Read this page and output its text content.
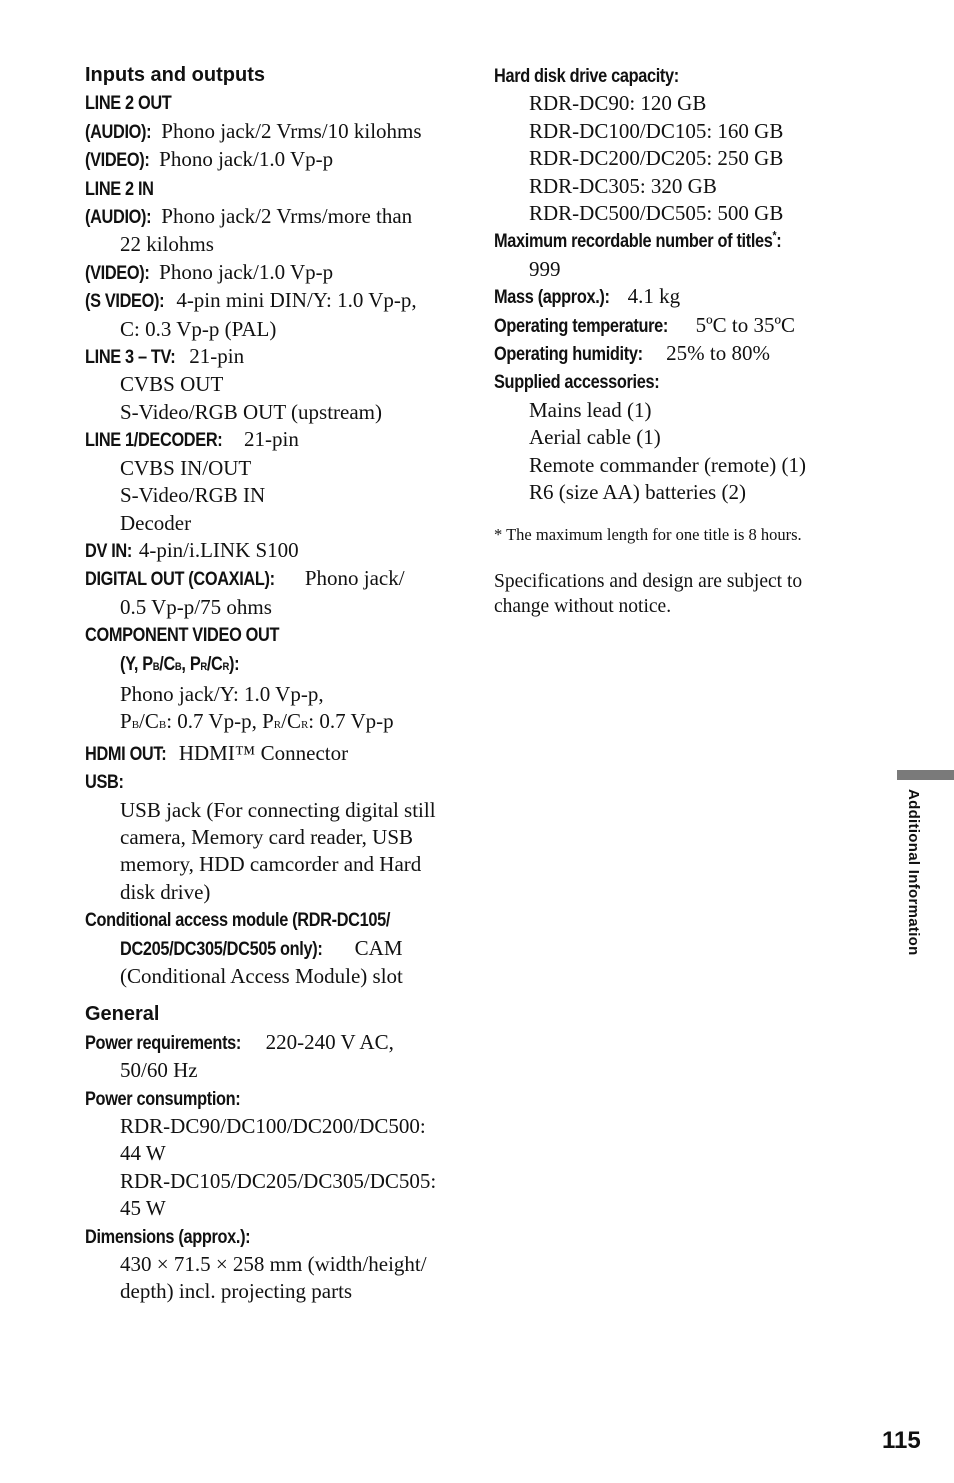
Inputs and outputs
LINE 2 OUT
(AUDIO): Phono jack/2 Vrms/10 kilohms
(VIDEO): Phono jack/1.0 Vp-p
LINE 2 IN
(AUDIO): Phono jack/2 Vrms/more than
22 kilohms
(VIDEO): Phono jack/1.0 Vp-p
(S VIDEO): 4-pin mini DIN/Y: 1.0 Vp-p,
C: 0.3 Vp-p (PAL)
LINE 3 – TV: 21-pin
CVBS OUT
S-Video/RGB OUT (upstream)
LINE 1/DECODER: 21-pin
CVBS IN/OUT
S-Video/RGB IN
Decoder
DV IN: 4-pin/i.LINK S100
DIGITAL OUT (COAXIAL): Phono jack/
0.5 Vp-p/75 ohms
COMPONENT VIDEO OUT
(Y, PB/CB, PR/CR):
Phono jack/Y: 1.0 Vp-p,
PB/CB: 0.7 Vp-p, PR/CR: 0.7 Vp-p
HDMI OUT: HDMI™ Connector
USB:
USB jack (For connecting digital still
camera, Memory card reader, USB
memory, HDD camcorder and Hard
disk drive)
Conditional access module (RDR-DC105/
DC205/DC305/DC505 only): CAM
(Conditional Access Module) slot
General
Power requirements: 220-240 V AC,
50/60 Hz
Power consumption:
RDR-DC90/DC100/DC200/DC500:
44 W
RDR-DC105/DC205/DC305/DC505:
45 W
Dimensions (approx.):
430 × 71.5 × 258 mm (width/height/
depth) incl. projecting parts
Hard disk drive capacity:
RDR-DC90: 120 GB
RDR-DC100/DC105: 160 GB
RDR-DC200/DC205: 250 GB
RDR-DC305: 320 GB
RDR-DC500/DC505: 500 GB
Maximum recordable number of titles*:
999
Mass (approx.): 4.1 kg
Operating temperature: 5ºC to 35ºC
Operating humidity: 25% to 80%
Supplied accessories:
Mains lead (1)
Aerial cable (1)
Remote commander (remote) (1)
R6 (size AA) batteries (2)
* The maximum length for one title is 8 hours.
Specifications and design are subject to
change without notice.
Additional Information
115
